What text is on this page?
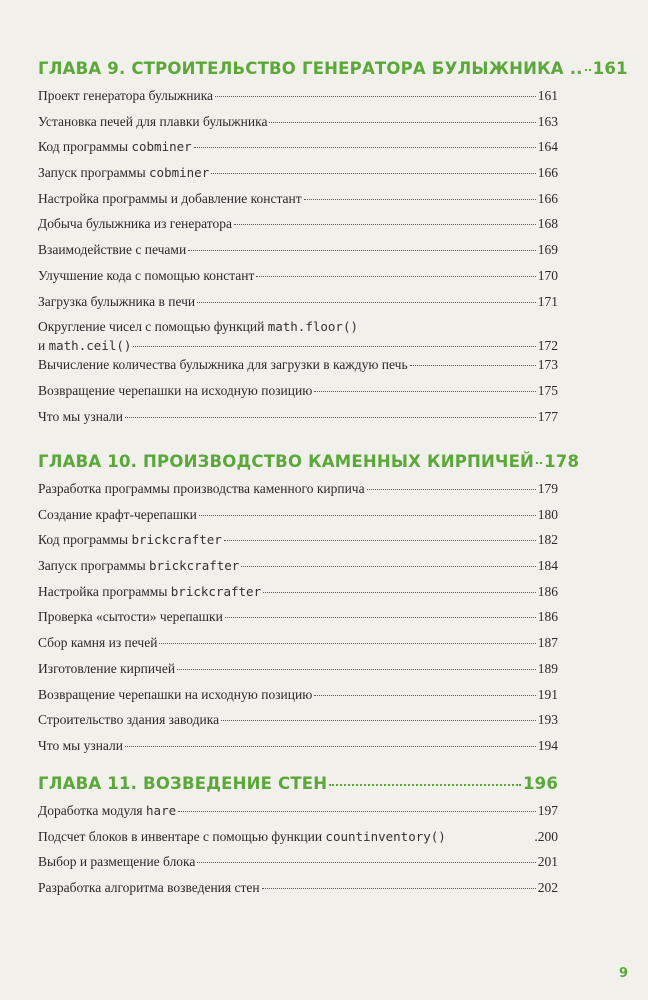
ГЛАВА 9. СТРОИТЕЛЬСТВО ГЕНЕРАТОРА БУЛЫЖНИКА .. 161
Проект генератора булыжника	161
Установка печей для плавки булыжника	163
Код программы cobminer	164
Запуск программы cobminer	166
Настройка программы и добавление констант	166
Добыча булыжника из генератора	168
Взаимодействие с печами	169
Улучшение кода с помощью констант	170
Загрузка булыжника в печи	171
Округление чисел с помощью функций math.floor()
и math.ceil()	172
Вычисление количества булыжника для загрузки в каждую печь	173
Возвращение черепашки на исходную позицию	175
Что мы узнали	177
ГЛАВА 10. ПРОИЗВОДСТВО КАМЕННЫХ КИРПИЧЕЙ 178
Разработка программы производства каменного кирпича	179
Создание крафт-черепашки	180
Код программы brickcrafter	182
Запуск программы brickcrafter	184
Настройка программы brickcrafter	186
Проверка «сытости» черепашки	186
Сбор камня из печей	187
Изготовление кирпичей	189
Возвращение черепашки на исходную позицию	191
Строительство здания заводика	193
Что мы узнали	194
ГЛАВА 11. ВОЗВЕДЕНИЕ СТЕН	196
Доработка модуля hare	197
Подсчет блоков в инвентаре с помощью функции countinventory()	.200
Выбор и размещение блока	201
Разработка алгоритма возведения стен	202
9
